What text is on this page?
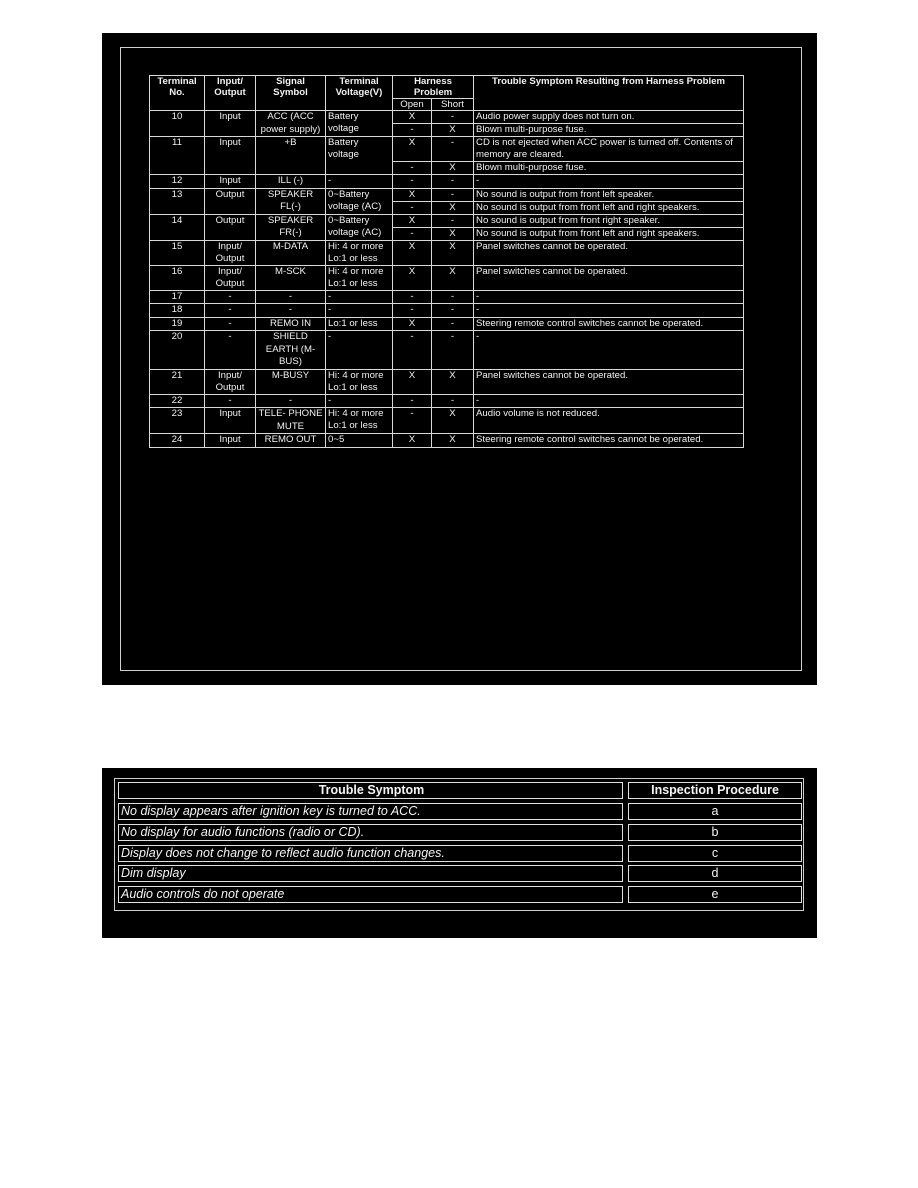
Terminal No.	Input/ Output	Signal Symbol	Terminal Voltage(V)	Harness Problem		Trouble Symptom Resulting from Harness Problem
				Open	Short	
10	Input	ACC (ACC power supply)	Battery voltage	X	-	Audio power supply does not turn on.
				-	X	Blown multi-purpose fuse.
11	Input	+B	Battery voltage	X	-	CD is not ejected when ACC power is turned off. Contents of memory are cleared.
				-	X	Blown multi-purpose fuse.
12	Input	ILL (-)	-	-	-	-
13	Output	SPEAKER FL(-)	0~Battery voltage (AC)	X	-	No sound is output from front left speaker.
				-	X	No sound is output from front left and right speakers.
14	Output	SPEAKER FR(-)	0~Battery voltage (AC)	X	-	No sound is output from front right speaker.
				-	X	No sound is output from front left and right speakers.
15	Input/ Output	M-DATA	Hi: 4 or more Lo:1 or less	X	X	Panel switches cannot be operated.
16	Input/ Output	M-SCK	Hi: 4 or more Lo:1 or less	X	X	Panel switches cannot be operated.
17	-	-	-	-	-	-
18	-	-	-	-	-	-
19	-	REMO IN	Lo:1 or less	X	-	Steering remote control switches cannot be operated.
20	-	SHIELD EARTH (M-BUS)	-	-	-	-
21	Input/ Output	M-BUSY	Hi: 4 or more Lo:1 or less	X	X	Panel switches cannot be operated.
22	-	-	-	-	-	-
23	Input	TELE- PHONE MUTE	Hi: 4 or more Lo:1 or less	-	X	Audio volume is not reduced.
24	Input	REMO OUT	0~5	X	X	Steering remote control switches cannot be operated.
Trouble Symptom	Inspection Procedure
No display appears after ignition key is turned to ACC.	a
No display for audio functions (radio or CD).	b
Display does not change to reflect audio function changes.	c
Dim display	d
Audio controls do not operate	e
